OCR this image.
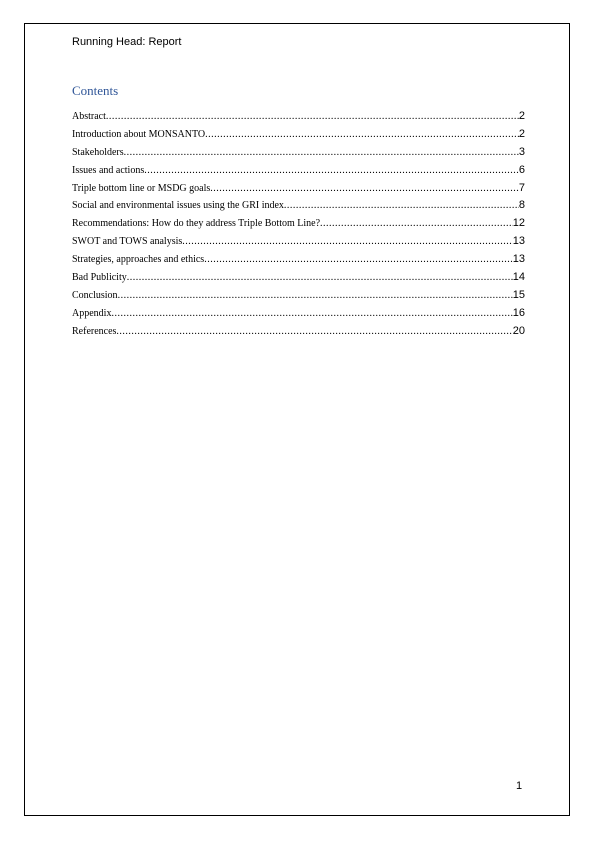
Running Head: Report
Contents
Abstract .....	2
Introduction about MONSANTO .....	2
Stakeholders .....	3
Issues and actions .....	6
Triple bottom line or MSDG goals .....	7
Social and environmental issues using the GRI index .....	8
Recommendations: How do they address Triple Bottom Line? .....	12
SWOT and TOWS analysis .....	13
Strategies, approaches and ethics .....	13
Bad Publicity .....	14
Conclusion .....	15
Appendix .....	16
References .....	20
1
